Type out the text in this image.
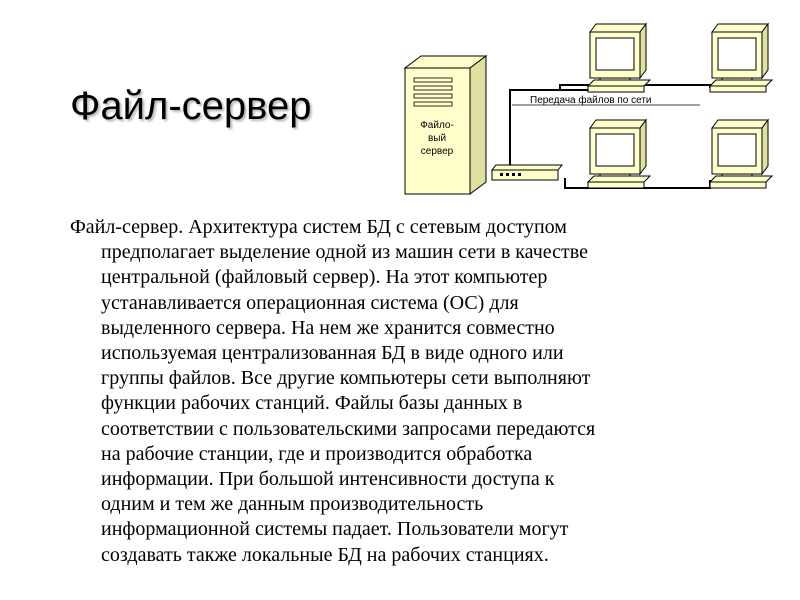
Файл-сервер	Передача файлов по сети
Файло-
вый
сервер
Файл-сервер. Архитектура систем БД с сетевым доступом
предполагает выделение одной из машин сети в качестве
центральной (файловый сервер). На этот компьютер
устанавливается операционная система (ОС) для
выделенного сервера. На нем же хранится совместно
используемая централизованная БД в виде одного или
группы файлов. Все другие компьютеры сети выполняют
функции рабочих станций. Файлы базы данных в
соответствии с пользовательскими запросами передаются
на рабочие станции, где и производится обработка
информации. При большой интенсивности доступа к
одним и тем же данным производительность
информационной системы падает. Пользователи могут
создавать также локальные БД на рабочих станциях.
